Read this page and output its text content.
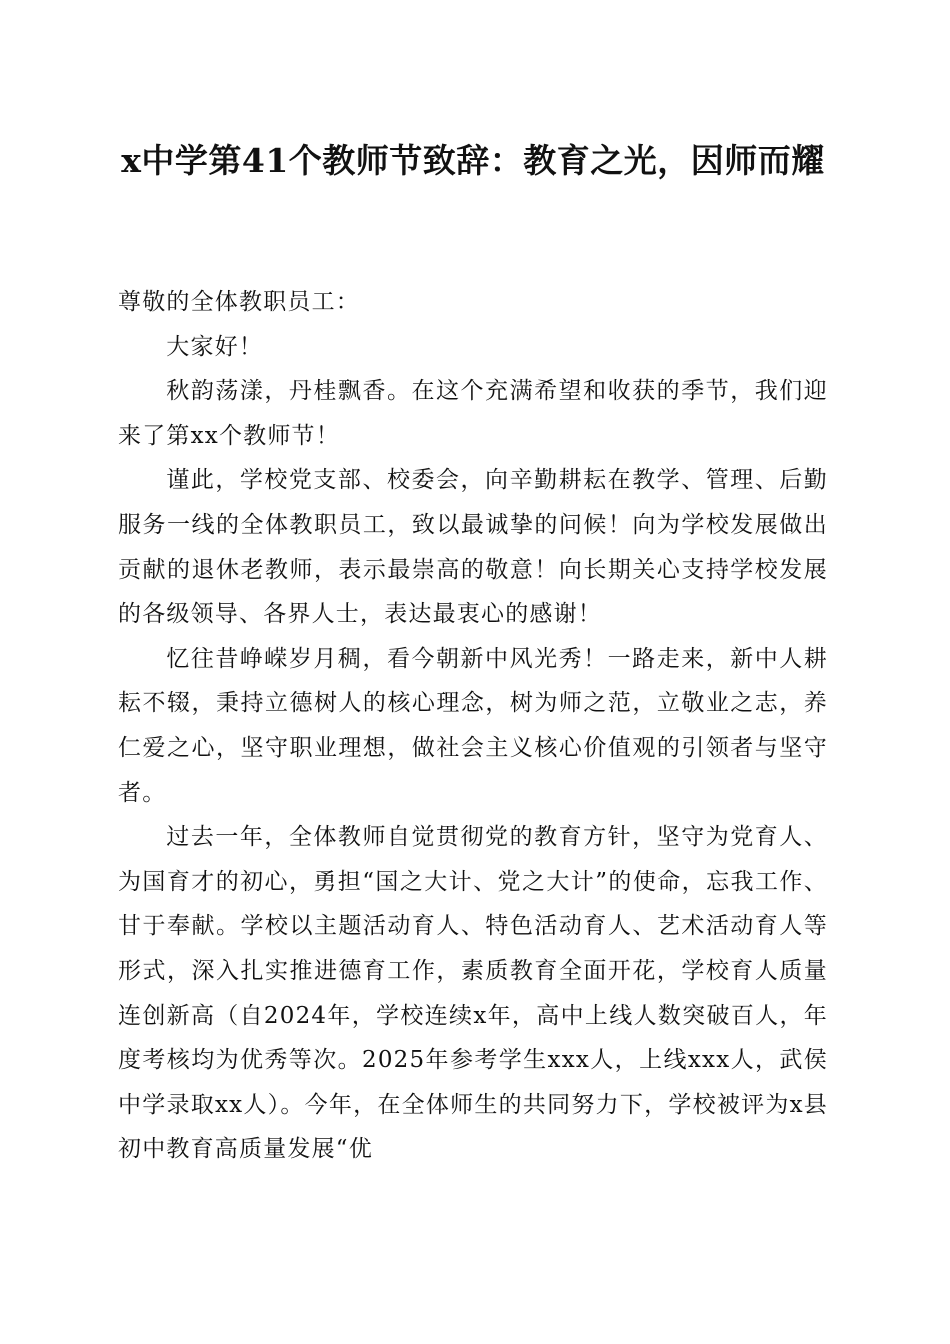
x中学第41个教师节致辞：教育之光，因师而耀

尊敬的全体教职员工：

大家好！

秋韵荡漾，丹桂飘香。在这个充满希望和收获的季节，我们迎来了第xx个教师节！

谨此，学校党支部、校委会，向辛勤耕耘在教学、管理、后勤服务一线的全体教职员工，致以最诚挚的问候！向为学校发展做出贡献的退休老教师，表示最崇高的敬意！向长期关心支持学校发展的各级领导、各界人士，表达最衷心的感谢！

忆往昔峥嵘岁月稠，看今朝新中风光秀！一路走来，新中人耕耘不辍，秉持立德树人的核心理念，树为师之范，立敬业之志，养仁爱之心，坚守职业理想，做社会主义核心价值观的引领者与坚守者。

过去一年，全体教师自觉贯彻党的教育方针，坚守为党育人、为国育才的初心，勇担“国之大计、党之大计”的使命，忘我工作、甘于奉献。学校以主题活动育人、特色活动育人、艺术活动育人等形式，深入扎实推进德育工作，素质教育全面开花，学校育人质量连创新高（自2024年，学校连续x年，高中上线人数突破百人，年度考核均为优秀等次。2025年参考学生xxx人，上线xxx人，武侯中学录取xx人）。今年，在全体师生的共同努力下，学校被评为x县初中教育高质量发展“优
